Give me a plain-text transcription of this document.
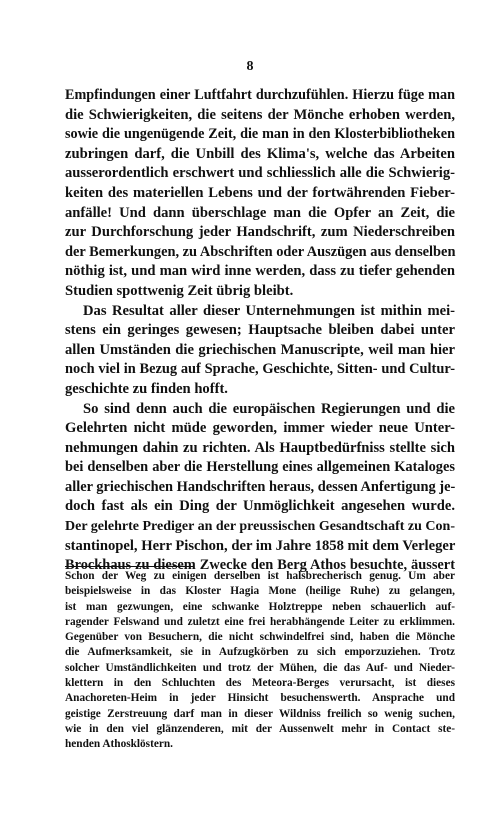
8
Empfindungen einer Luftfahrt durchzufühlen. Hierzu füge man
die Schwierigkeiten, die seitens der Mönche erhoben werden,
sowie die ungenügende Zeit, die man in den Klosterbibliotheken
zubringen darf, die Unbill des Klima's, welche das Arbeiten
ausserordentlich erschwert und schliesslich alle die Schwierig-
keiten des materiellen Lebens und der fortwährenden Fieber-
anfälle! Und dann überschlage man die Opfer an Zeit, die
zur Durchforschung jeder Handschrift, zum Niederschreiben
der Bemerkungen, zu Abschriften oder Auszügen aus denselben
nöthig ist, und man wird inne werden, dass zu tiefer gehenden
Studien spottwenig Zeit übrig bleibt.
Das Resultat aller dieser Unternehmungen ist mithin mei-
stens ein geringes gewesen; Hauptsache bleiben dabei unter
allen Umständen die griechischen Manuscripte, weil man hier
noch viel in Bezug auf Sprache, Geschichte, Sitten- und Cultur-
geschichte zu finden hofft.
So sind denn auch die europäischen Regierungen und die
Gelehrten nicht müde geworden, immer wieder neue Unter-
nehmungen dahin zu richten. Als Hauptbedürfniss stellte sich
bei denselben aber die Herstellung eines allgemeinen Kataloges
aller griechischen Handschriften heraus, dessen Anfertigung je-
doch fast als ein Ding der Unmöglichkeit angesehen wurde.
Der gelehrte Prediger an der preussischen Gesandtschaft zu Con-
stantinopel, Herr Pischon, der im Jahre 1858 mit dem Verleger
Brockhaus zu diesem Zwecke den Berg Athos besuchte, äussert
Schon der Weg zu einigen derselben ist halsbrecherisch genug. Um aber
beispielsweise in das Kloster Hagia Mone (heilige Ruhe) zu gelangen,
ist man gezwungen, eine schwanke Holztreppe neben schauerlich auf-
ragender Felswand und zuletzt eine frei herabhängende Leiter zu erklimmen.
Gegenüber von Besuchern, die nicht schwindelfrei sind, haben die Mönche
die Aufmerksamkeit, sie in Aufzugkörben zu sich emporzuziehen. Trotz
solcher Umständlichkeiten und trotz der Mühen, die das Auf- und Nieder-
klettern in den Schluchten des Meteora-Berges verursacht, ist dieses
Anachoreten-Heim in jeder Hinsicht besuchenswerth. Ansprache und
geistige Zerstreuung darf man in dieser Wildniss freilich so wenig suchen,
wie in den viel glänzenderen, mit der Aussenwelt mehr in Contact ste-
henden Athosklöstern.
